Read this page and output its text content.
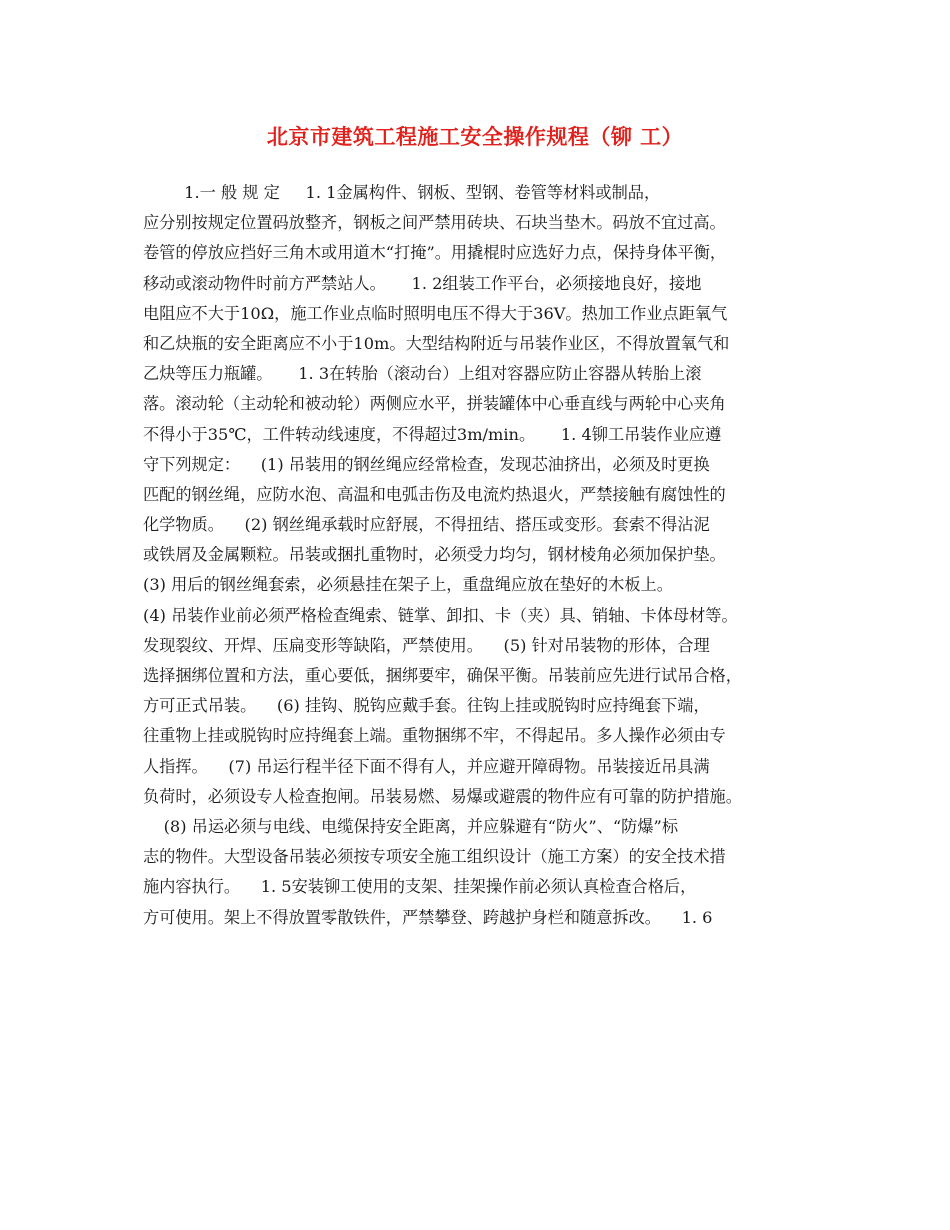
北京市建筑工程施工安全操作规程（铆 工）
1.一 般 规 定     1. 1金属构件、钢板、型钢、卷管等材料或制品，
应分别按规定位置码放整齐，钢板之间严禁用砖块、石块当垫木。码放不宜过高。
卷管的停放应挡好三角木或用道木“打掩”。用撬棍时应选好力点，保持身体平衡，
移动或滚动物件时前方严禁站人。     1. 2组装工作平台，必须接地良好，接地
电阻应不大于10Ω，施工作业点临时照明电压不得大于36V。热加工作业点距氧气
和乙炔瓶的安全距离应不小于10m。大型结构附近与吊装作业区，不得放置氧气和
乙炔等压力瓶罐。     1. 3在转胎（滚动台）上组对容器应防止容器从转胎上滚
落。滚动轮（主动轮和被动轮）两侧应水平，拼装罐体中心垂直线与两轮中心夹角
不得小于35℃，工件转动线速度，不得超过3m/min。     1. 4铆工吊装作业应遵
守下列规定：    (1) 吊装用的钢丝绳应经常检查，发现芯油挤出，必须及时更换
匹配的钢丝绳，应防水泡、高温和电弧击伤及电流灼热退火，严禁接触有腐蚀性的
化学物质。    (2) 钢丝绳承载时应舒展，不得扭结、搭压或变形。套索不得沾泥
或铁屑及金属颗粒。吊装或捆扎重物时，必须受力均匀，钢材棱角必须加保护垫。
(3) 用后的钢丝绳套索，必须悬挂在架子上，重盘绳应放在垫好的木板上。
(4) 吊装作业前必须严格检查绳索、链掌、卸扣、卡（夹）具、销轴、卡体母材等。
发现裂纹、开焊、压扁变形等缺陷，严禁使用。    (5) 针对吊装物的形体，合理
选择捆绑位置和方法，重心要低，捆绑要牢，确保平衡。吊装前应先进行试吊合格，
方可正式吊装。    (6) 挂钩、脱钩应戴手套。往钩上挂或脱钩时应持绳套下端，
往重物上挂或脱钩时应持绳套上端。重物捆绑不牢，不得起吊。多人操作必须由专
人指挥。    (7) 吊运行程半径下面不得有人，并应避开障碍物。吊装接近吊具满
负荷时，必须设专人检查抱闸。吊装易燃、易爆或避震的物件应有可靠的防护措施。
(8) 吊运必须与电线、电缆保持安全距离，并应躲避有“防火”、“防爆”标
志的物件。大型设备吊装必须按专项安全施工组织设计（施工方案）的安全技术措
施内容执行。    1. 5安装铆工使用的支架、挂架操作前必须认真检查合格后，
方可使用。架上不得放置零散铁件，严禁攀登、跨越护身栏和随意拆改。    1. 6
